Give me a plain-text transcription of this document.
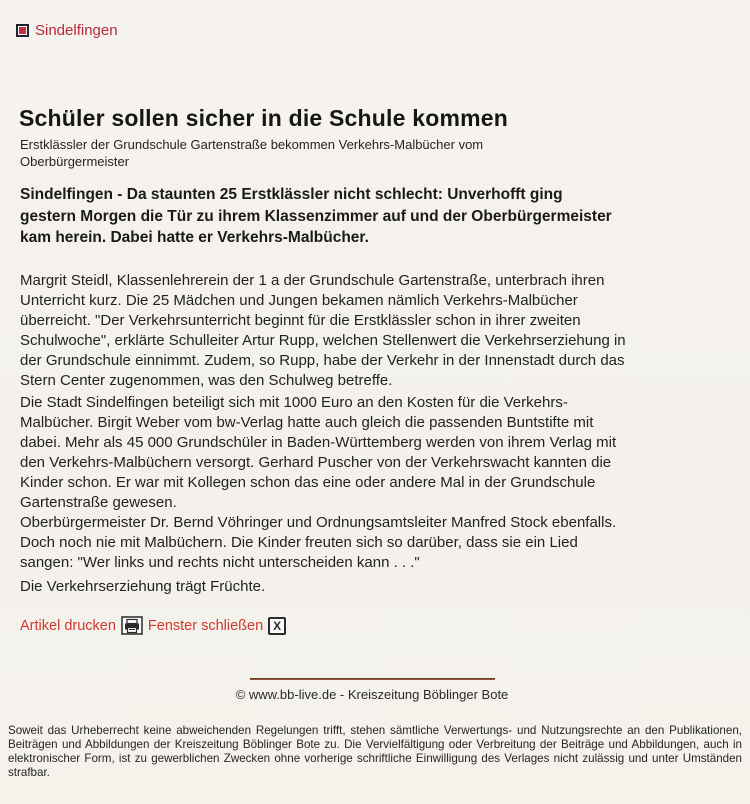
Sindelfingen
Schüler sollen sicher in die Schule kommen
Erstklässler der Grundschule Gartenstraße bekommen Verkehrs-Malbücher vom Oberbürgermeister
Sindelfingen - Da staunten 25 Erstklässler nicht schlecht: Unverhofft ging gestern Morgen die Tür zu ihrem Klassenzimmer auf und der Oberbürgermeister kam herein. Dabei hatte er Verkehrs-Malbücher.

Margrit Steidl, Klassenlehrerein der 1 a der Grundschule Gartenstraße, unterbrach ihren Unterricht kurz. Die 25 Mädchen und Jungen bekamen nämlich Verkehrs-Malbücher überreicht. "Der Verkehrsunterricht beginnt für die Erstklässler schon in ihrer zweiten Schulwoche", erklärte Schulleiter Artur Rupp, welchen Stellenwert die Verkehrserziehung in der Grundschule einnimmt. Zudem, so Rupp, habe der Verkehr in der Innenstadt durch das Stern Center zugenommen, was den Schulweg betreffe.

Die Stadt Sindelfingen beteiligt sich mit 1000 Euro an den Kosten für die Verkehrs-Malbücher. Birgit Weber vom bw-Verlag hatte auch gleich die passenden Buntstifte mit dabei. Mehr als 45 000 Grundschüler in Baden-Württemberg werden von ihrem Verlag mit den Verkehrs-Malbüchern versorgt. Gerhard Puscher von der Verkehrswacht kannten die Kinder schon. Er war mit Kollegen schon das eine oder andere Mal in der Grundschule Gartenstraße gewesen.

Oberbürgermeister Dr. Bernd Vöhringer und Ordnungsamtsleiter Manfred Stock ebenfalls. Doch noch nie mit Malbüchern. Die Kinder freuten sich so darüber, dass sie ein Lied sangen: "Wer links und rechts nicht unterscheiden kann . . ."

Die Verkehrserziehung trägt Früchte.

Artikel drucken Fenster schließen X
© www.bb-live.de - Kreiszeitung Böblinger Bote
Soweit das Urheberrecht keine abweichenden Regelungen trifft, stehen sämtliche Verwertungs- und Nutzungsrechte an den Publikationen, Beiträgen und Abbildungen der Kreiszeitung Böblinger Bote zu. Die Vervielfältigung oder Verbreitung der Beiträge und Abbildungen, auch in elektronischer Form, ist zu gewerblichen Zwecken ohne vorherige schriftliche Einwilligung des Verlages nicht zulässig und unter Umständen strafbar.
